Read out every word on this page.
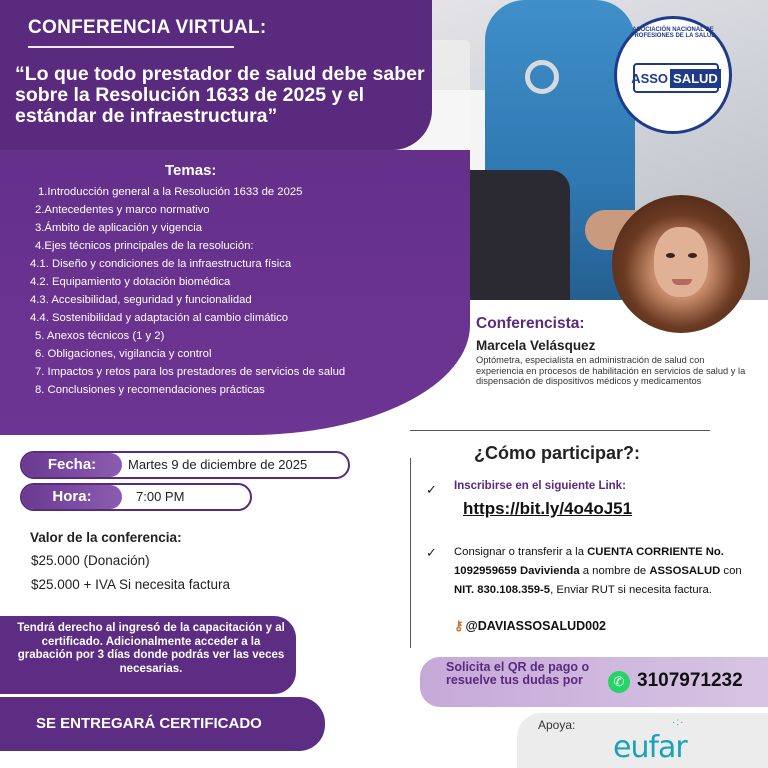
CONFERENCIA VIRTUAL:
“Lo que todo prestador de salud debe saber sobre la Resolución 1633 de 2025 y el estándar de infraestructura”
ASOCIACIÓN NACIONAL DE PROFESIONES DE LA SALUD
ASSO SALUD
Temas:
1.Introducción general a la Resolución 1633 de 2025
2.Antecedentes y marco normativo
3.Ámbito de aplicación y vigencia
4.Ejes técnicos principales de la resolución:
4.1. Diseño y condiciones de la infraestructura física
4.2. Equipamiento y dotación biomédica
4.3. Accesibilidad, seguridad y funcionalidad
4.4. Sostenibilidad y adaptación al cambio climático
5. Anexos técnicos (1 y 2)
6. Obligaciones, vigilancia y control
7. Impactos y retos para los prestadores de servicios de salud
8. Conclusiones y recomendaciones prácticas
Conferencista:
Marcela Velásquez
Optómetra, especialista en administración de salud con experiencia en procesos de habilitación en servicios de salud y la dispensación de dispositivos médicos y medicamentos
Fecha:	Martes 9 de diciembre de 2025
Hora:	7:00 PM
Valor de la conferencia:
$25.000 (Donación)
$25.000 + IVA Si necesita factura
¿Cómo participar?:
✓ Inscribirse en el siguiente Link:
https://bit.ly/4o4oJ51
✓ Consignar o transferir a la CUENTA CORRIENTE No. 1092959659 Davivienda a nombre de ASSOSALUD con NIT. 830.108.359-5, Enviar RUT si necesita factura.
⚷ @DAVIASSOSALUD002
Tendrá derecho al ingresó de la capacitación y al certificado. Adicionalmente acceder a la grabación por 3 días donde podrás ver las veces necesarias.
SE ENTREGARÁ CERTIFICADO
Solicita el QR de pago o resuelve tus dudas por	✆ 3107971232
Apoya:	·:·
eufar
